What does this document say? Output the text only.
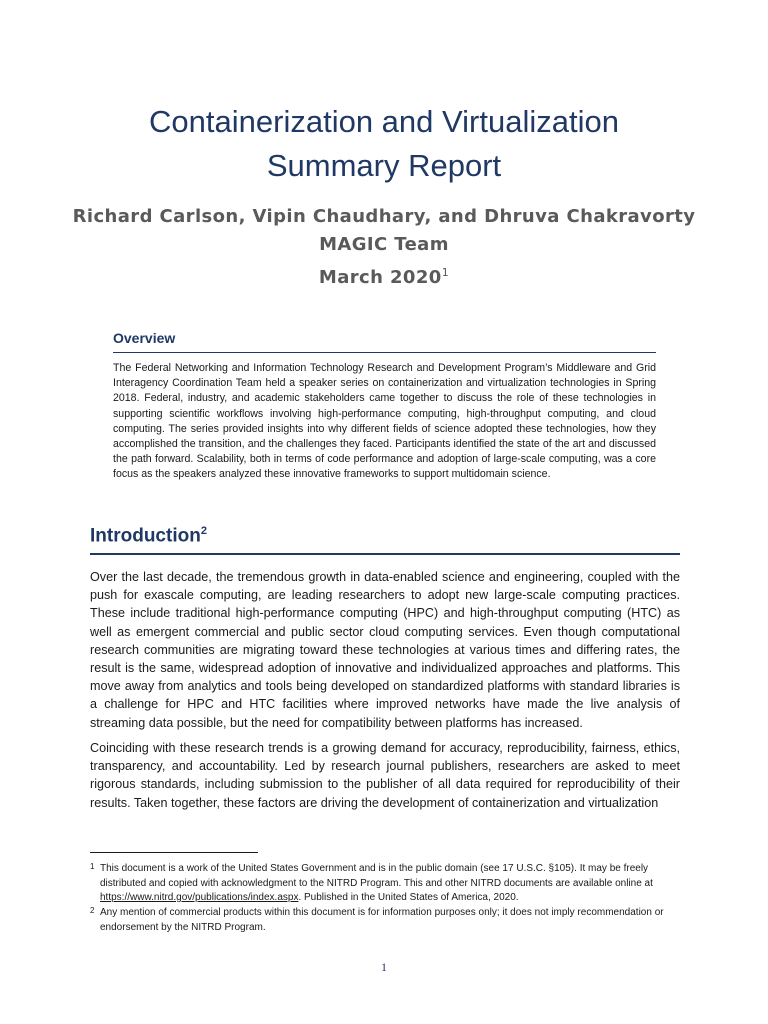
Containerization and Virtualization
Summary Report
Richard Carlson, Vipin Chaudhary, and Dhruva Chakravorty
MAGIC Team
March 2020$^1$
Overview
The Federal Networking and Information Technology Research and Development Program’s Middleware and Grid Interagency Coordination Team held a speaker series on containerization and virtualization technologies in Spring 2018. Federal, industry, and academic stakeholders came together to discuss the role of these technologies in supporting scientific workflows involving high-performance computing, high-throughput computing, and cloud computing. The series provided insights into why different fields of science adopted these technologies, how they accomplished the transition, and the challenges they faced. Participants identified the state of the art and discussed the path forward. Scalability, both in terms of code performance and adoption of large-scale computing, was a core focus as the speakers analyzed these innovative frameworks to support multidomain science.
Introduction$^2$
Over the last decade, the tremendous growth in data-enabled science and engineering, coupled with the push for exascale computing, are leading researchers to adopt new large-scale computing practices. These include traditional high-performance computing (HPC) and high-throughput computing (HTC) as well as emergent commercial and public sector cloud computing services. Even though computational research communities are migrating toward these technologies at various times and differing rates, the result is the same, widespread adoption of innovative and individualized approaches and platforms. This move away from analytics and tools being developed on standardized platforms with standard libraries is a challenge for HPC and HTC facilities where improved networks have made the live analysis of streaming data possible, but the need for compatibility between platforms has increased.
Coinciding with these research trends is a growing demand for accuracy, reproducibility, fairness, ethics, transparency, and accountability. Led by research journal publishers, researchers are asked to meet rigorous standards, including submission to the publisher of all data required for reproducibility of their results. Taken together, these factors are driving the development of containerization and virtualization
1 This document is a work of the United States Government and is in the public domain (see 17 U.S.C. §105). It may be freely distributed and copied with acknowledgment to the NITRD Program. This and other NITRD documents are available online at https://www.nitrd.gov/publications/index.aspx. Published in the United States of America, 2020.
2 Any mention of commercial products within this document is for information purposes only; it does not imply recommendation or endorsement by the NITRD Program.
1
